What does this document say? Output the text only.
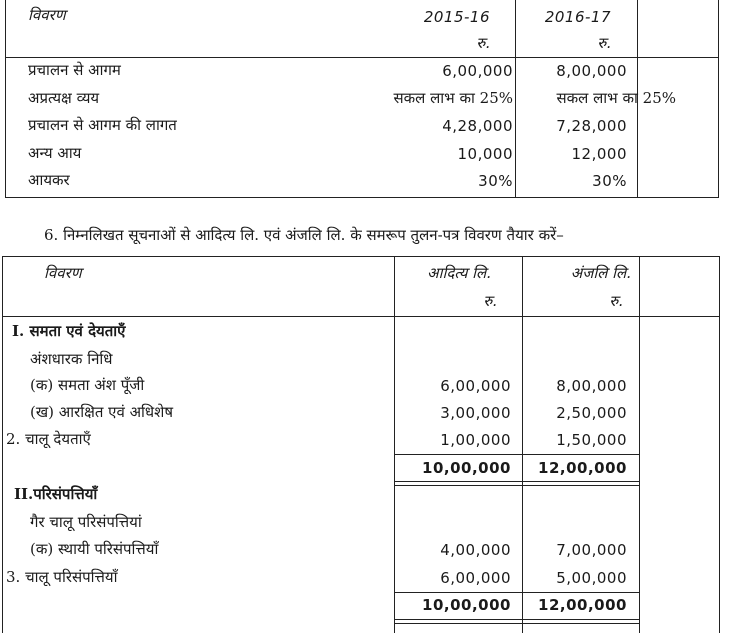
विवरण	2015-16	2016-17
रु.	रु.
प्रचालन से आगम	6,00,000	8,00,000
अप्रत्यक्ष व्यय	सकल लाभ का 25%	सकल लाभ का 25%
प्रचालन से आगम की लागत	4,28,000	7,28,000
अन्य आय	10,000	12,000
आयकर	30%	30%
6. निम्नलिखत सूचनाओं से आदित्य लि. एवं अंजलि लि. के समरूप तुलन-पत्र विवरण तैयार करें–
विवरण	आदित्य लि.	अंजलि लि.
रु.	रु.
I. समता एवं देयताएँ
अंशधारक निधि
(क) समता अंश पूँजी	6,00,000	8,00,000
(ख) आरक्षित एवं अधिशेष	3,00,000	2,50,000
2. चालू देयताएँ	1,00,000	1,50,000
10,00,000 12,00,000
II.परिसंपत्तियाँ
गैर चालू परिसंपत्तियां
(क) स्थायी परिसंपत्तियाँ	4,00,000	7,00,000
3. चालू परिसंपत्तियाँ	6,00,000	5,00,000
10,00,000 12,00,000
